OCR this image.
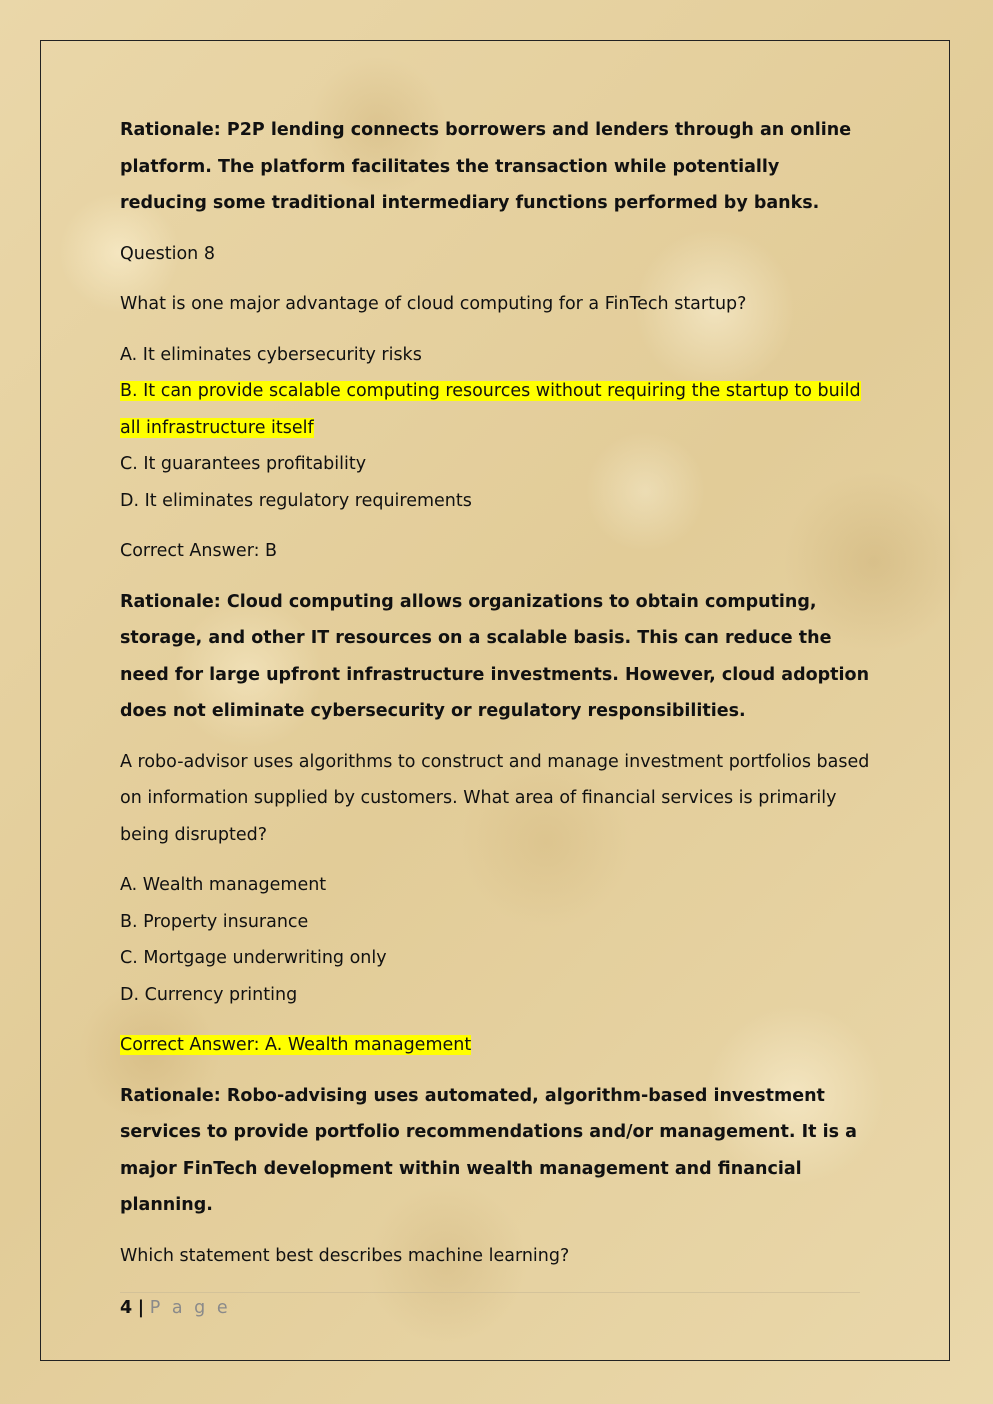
Rationale: P2P lending connects borrowers and lenders through an online platform. The platform facilitates the transaction while potentially reducing some traditional intermediary functions performed by banks.

Question 8

What is one major advantage of cloud computing for a FinTech startup?

A. It eliminates cybersecurity risks

B. It can provide scalable computing resources without requiring the startup to build all infrastructure itself

C. It guarantees profitability

D. It eliminates regulatory requirements

Correct Answer: B

Rationale: Cloud computing allows organizations to obtain computing, storage, and other IT resources on a scalable basis. This can reduce the need for large upfront infrastructure investments. However, cloud adoption does not eliminate cybersecurity or regulatory responsibilities.

A robo-advisor uses algorithms to construct and manage investment portfolios based on information supplied by customers. What area of financial services is primarily being disrupted?

A. Wealth management

B. Property insurance

C. Mortgage underwriting only

D. Currency printing

Correct Answer: A. Wealth management

Rationale: Robo-advising uses automated, algorithm-based investment services to provide portfolio recommendations and/or management. It is a major FinTech development within wealth management and financial planning.

Which statement best describes machine learning?

4 | P a g e
